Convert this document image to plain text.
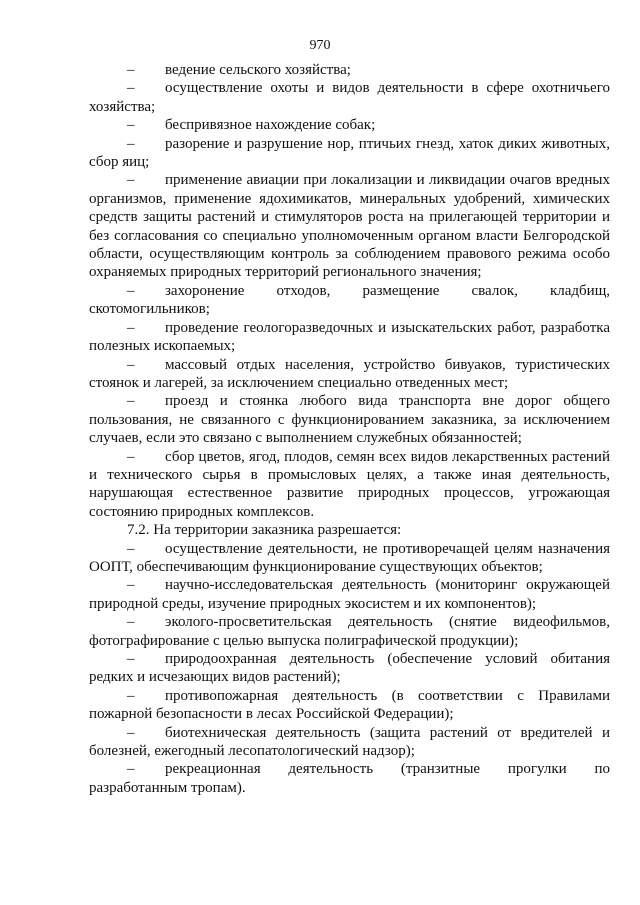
970

– ведение сельского хозяйства;

– осуществление охоты и видов деятельности в сфере охотничьего хозяйства;

– беспривязное нахождение собак;

– разорение и разрушение нор, птичьих гнезд, хаток диких животных, сбор яиц;

– применение авиации при локализации и ликвидации очагов вредных организмов, применение ядохимикатов, минеральных удобрений, химических средств защиты растений и стимуляторов роста на прилегающей территории и без согласования со специально уполномоченным органом власти Белгородской области, осуществляющим контроль за соблюдением правового режима особо охраняемых природных территорий регионального значения;

– захоронение отходов, размещение свалок, кладбищ, скотомогильников;

– проведение геологоразведочных и изыскательских работ, разработка полезных ископаемых;

– массовый отдых населения, устройство бивуаков, туристических стоянок и лагерей, за исключением специально отведенных мест;

– проезд и стоянка любого вида транспорта вне дорог общего пользования, не связанного с функционированием заказника, за исключением случаев, если это связано с выполнением служебных обязанностей;

– сбор цветов, ягод, плодов, семян всех видов лекарственных растений и технического сырья в промысловых целях, а также иная деятельность, нарушающая естественное развитие природных процессов, угрожающая состоянию природных комплексов.

7.2. На территории заказника разрешается:

– осуществление деятельности, не противоречащей целям назначения ООПТ, обеспечивающим функционирование существующих объектов;

– научно-исследовательская деятельность (мониторинг окружающей природной среды, изучение природных экосистем и их компонентов);

– эколого-просветительская деятельность (снятие видеофильмов, фотографирование с целью выпуска полиграфической продукции);

– природоохранная деятельность (обеспечение условий обитания редких и исчезающих видов растений);

– противопожарная деятельность (в соответствии с Правилами пожарной безопасности в лесах Российской Федерации);

– биотехническая деятельность (защита растений от вредителей и болезней, ежегодный лесопатологический надзор);

– рекреационная деятельность (транзитные прогулки по разработанным тропам).
